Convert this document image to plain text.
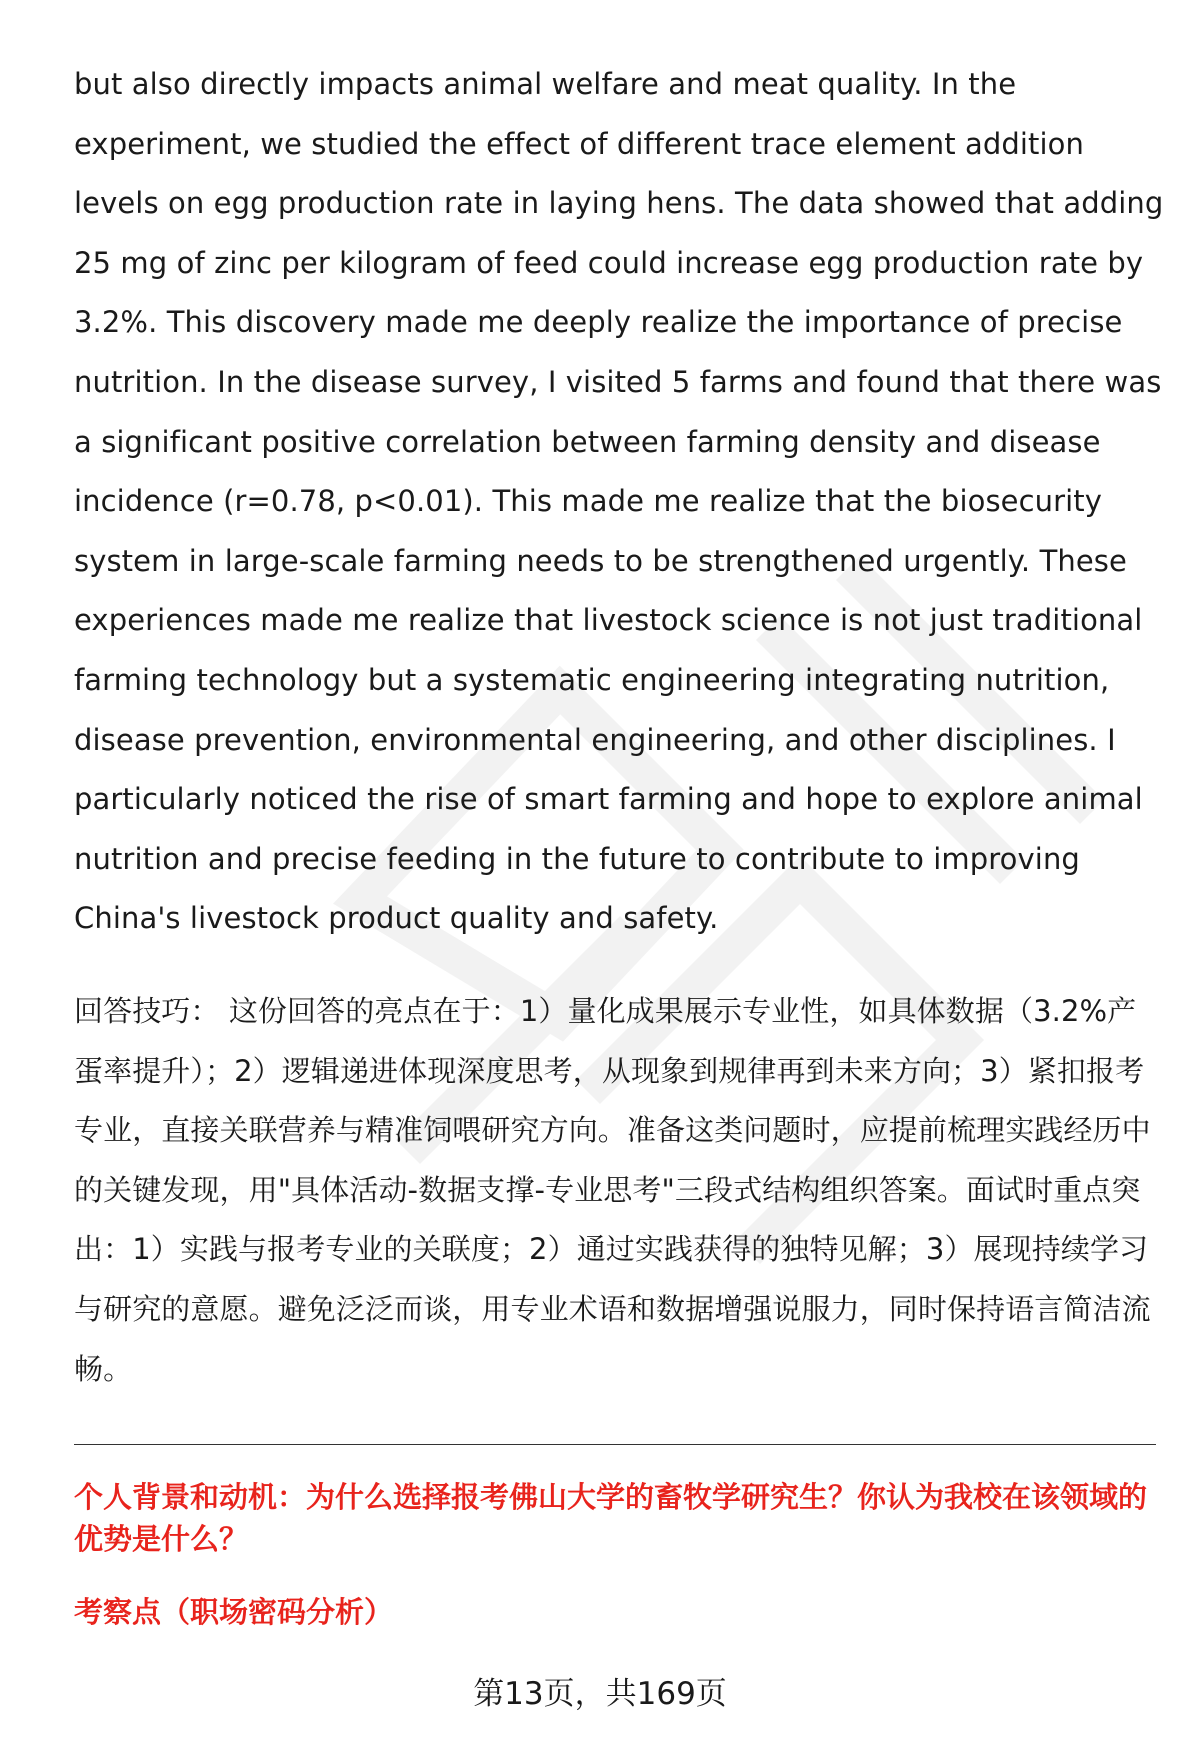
but also directly impacts animal welfare and meat quality. In the experiment, we studied the effect of different trace element addition levels on egg production rate in laying hens. The data showed that adding 25 mg of zinc per kilogram of feed could increase egg production rate by 3.2%. This discovery made me deeply realize the importance of precise nutrition. In the disease survey, I visited 5 farms and found that there was a significant positive correlation between farming density and disease incidence (r=0.78, p<0.01). This made me realize that the biosecurity system in large-scale farming needs to be strengthened urgently. These experiences made me realize that livestock science is not just traditional farming technology but a systematic engineering integrating nutrition, disease prevention, environmental engineering, and other disciplines. I particularly noticed the rise of smart farming and hope to explore animal nutrition and precise feeding in the future to contribute to improving China's livestock product quality and safety.
回答技巧： 这份回答的亮点在于：1）量化成果展示专业性，如具体数据（3.2%产蛋率提升）；2）逻辑递进体现深度思考，从现象到规律再到未来方向；3）紧扣报考专业，直接关联营养与精准饲喂研究方向。准备这类问题时，应提前梳理实践经历中的关键发现，用"具体活动-数据支撑-专业思考"三段式结构组织答案。面试时重点突出：1）实践与报考专业的关联度；2）通过实践获得的独特见解；3）展现持续学习与研究的意愿。避免泛泛而谈，用专业术语和数据增强说服力，同时保持语言简洁流畅。
个人背景和动机：为什么选择报考佛山大学的畜牧学研究生？你认为我校在该领域的优势是什么？
考察点（职场密码分析）
第13页，共169页
